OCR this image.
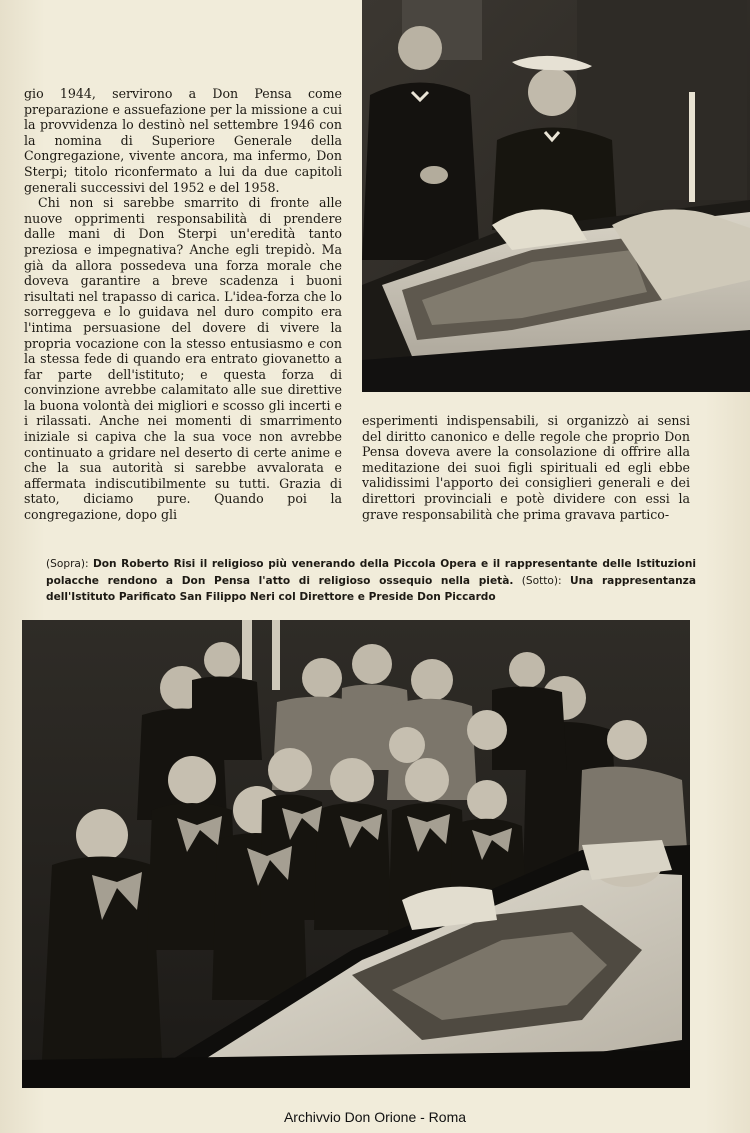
gio 1944, servirono a Don Pensa come preparazione e assuefazione per la missione a cui la provvidenza lo destinò nel settembre 1946 con la nomina di Superiore Generale della Congregazione, vivente ancora, ma infermo, Don Sterpi; titolo riconfermato a lui da due capitoli generali successivi del 1952 e del 1958.

Chi non si sarebbe smarrito di fronte alle nuove opprimenti responsabilità di prendere dalle mani di Don Sterpi un'eredità tanto preziosa e impegnativa? Anche egli trepidò. Ma già da allora possedeva una forza morale che doveva garantire a breve scadenza i buoni risultati nel trapasso di carica. L'idea-forza che lo sorreggeva e lo guidava nel duro compito era l'intima persuasione del dovere di vivere la propria vocazione con la stesso entusiasmo e con la stessa fede di quando era entrato giovanetto a far parte dell'istituto; e questa forza di convinzione avrebbe calamitato alle sue direttive la buona volontà dei migliori e scosso gli incerti e i rilassati. Anche nei momenti di smarrimento iniziale si capiva che la sua voce non avrebbe continuato a gridare nel deserto di certe anime e che la sua autorità si sarebbe avvalorata e affermata indiscutibilmente su tutti. Grazia di stato, diciamo pure. Quando poi la congregazione, dopo gli

esperimenti indispensabili, si organizzò ai sensi del diritto canonico e delle regole che proprio Don Pensa doveva avere la consolazione di offrire alla meditazione dei suoi figli spirituali ed egli ebbe validissimi l'apporto dei consiglieri generali e dei direttori provinciali e potè dividere con essi la grave responsabilità che prima gravava partico-

(Sopra): Don Roberto Risi il religioso più venerando della Piccola Opera e il rappresentante delle Istituzioni polacche rendono a Don Pensa l'atto di religioso ossequio nella pietà. (Sotto): Una rappresentanza dell'Istituto Parificato San Filippo Neri col Direttore e Preside Don Piccardo
Archivvio Don Orione - Roma
